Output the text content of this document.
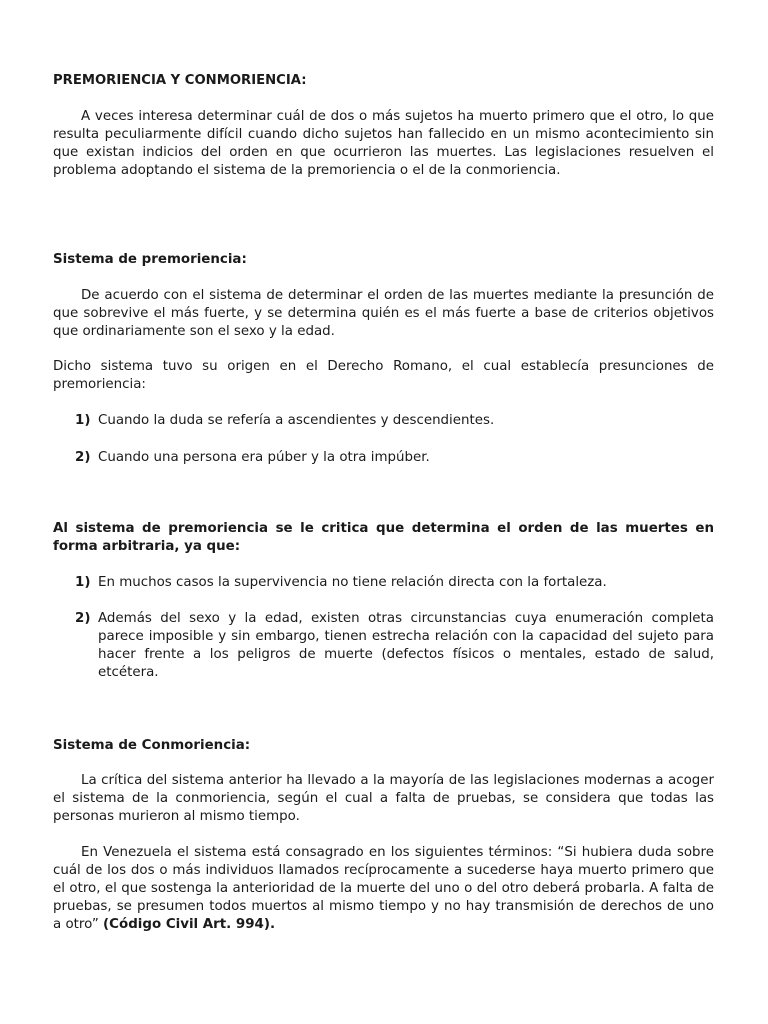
PREMORIENCIA Y CONMORIENCIA:

A veces interesa determinar cuál de dos o más sujetos ha muerto primero que el otro, lo que resulta peculiarmente difícil cuando dicho sujetos han fallecido en un mismo acontecimiento sin que existan indicios del orden en que ocurrieron las muertes. Las legislaciones resuelven el problema adoptando el sistema de la premoriencia o el de la conmoriencia.

Sistema de premoriencia:

De acuerdo con el sistema de determinar el orden de las muertes mediante la presunción de que sobrevive el más fuerte, y se determina quién es el más fuerte a base de criterios objetivos que ordinariamente son el sexo y la edad.

Dicho sistema tuvo su origen en el Derecho Romano, el cual establecía presunciones de premoriencia:

1) Cuando la duda se refería a ascendientes y descendientes.

2) Cuando una persona era púber y la otra impúber.

Al sistema de premoriencia se le critica que determina el orden de las muertes en forma arbitraria, ya que:

1) En muchos casos la supervivencia no tiene relación directa con la fortaleza.

2) Además del sexo y la edad, existen otras circunstancias cuya enumeración completa parece imposible y sin embargo, tienen estrecha relación con la capacidad del sujeto para hacer frente a los peligros de muerte (defectos físicos o mentales, estado de salud, etcétera.

Sistema de Conmoriencia:

La crítica del sistema anterior ha llevado a la mayoría de las legislaciones modernas a acoger el sistema de la conmoriencia, según el cual a falta de pruebas, se considera que todas las personas murieron al mismo tiempo.

En Venezuela el sistema está consagrado en los siguientes términos: “Si hubiera duda sobre cuál de los dos o más individuos llamados recíprocamente a sucederse haya muerto primero que el otro, el que sostenga la anterioridad de la muerte del uno o del otro deberá probarla. A falta de pruebas, se presumen todos muertos al mismo tiempo y no hay transmisión de derechos de uno a otro” (Código Civil Art. 994).
